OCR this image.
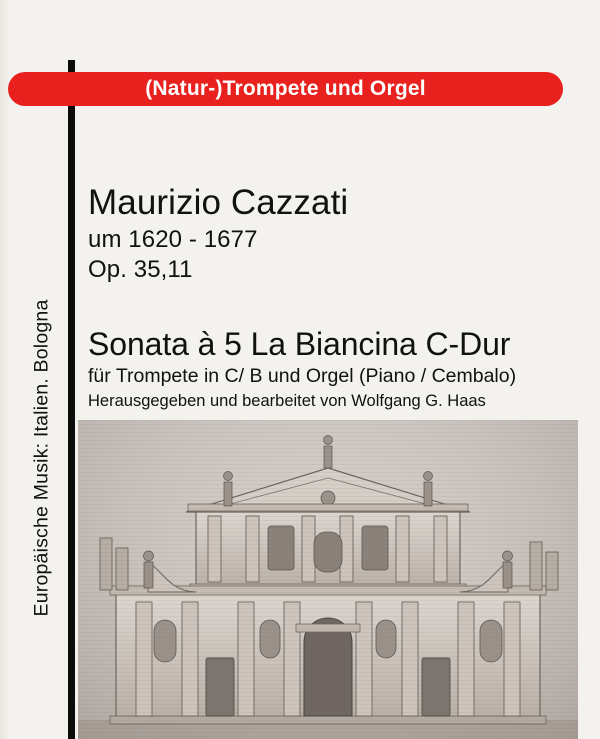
Europäische Musik: Italien. Bologna
(Natur-)Trompete und Orgel
Maurizio Cazzati
um 1620 - 1677
Op. 35,11
Sonata à 5 La Biancina C-Dur
für Trompete in C/ B und Orgel (Piano / Cembalo)
Herausgegeben und bearbeitet von Wolfgang G. Haas
